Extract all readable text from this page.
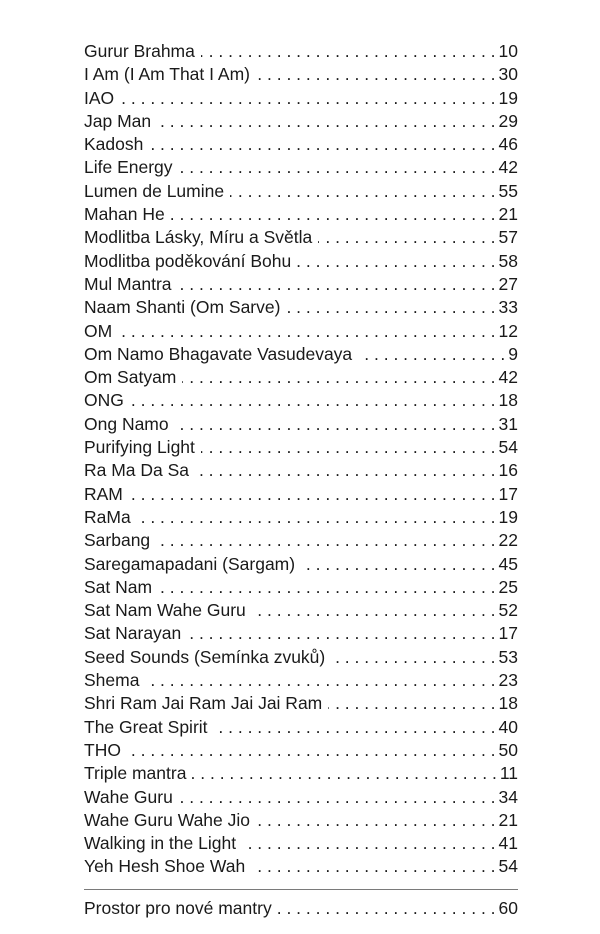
Gurur Brahma . . .	10
I Am (I Am That I Am) . . .	30
IAO . . .	19
Jap Man . . .	29
Kadosh . . .	46
Life Energy . . .	42
Lumen de Lumine . . .	55
Mahan He . . .	21
Modlitba Lásky, Míru a Světla . . .	57
Modlitba poděkování Bohu . . .	58
Mul Mantra . . .	27
Naam Shanti (Om Sarve) . . .	33
OM . . .	12
Om Namo Bhagavate Vasudevaya . . .	9
Om Satyam . . .	42
ONG . . .	18
Ong Namo . . .	31
Purifying Light . . .	54
Ra Ma Da Sa . . .	16
RAM . . .	17
RaMa . . .	19
Sarbang . . .	22
Saregamapadani (Sargam) . . .	45
Sat Nam . . .	25
Sat Nam Wahe Guru . . .	52
Sat Narayan . . .	17
Seed Sounds (Semínka zvuků) . . .	53
Shema . . .	23
Shri Ram Jai Ram Jai Jai Ram . . .	18
The Great Spirit . . .	40
THO . . .	50
Triple mantra . . .	11
Wahe Guru . . .	34
Wahe Guru Wahe Jio . . .	21
Walking in the Light . . .	41
Yeh Hesh Shoe Wah . . .	54
Prostor pro nové mantry . . .	60
